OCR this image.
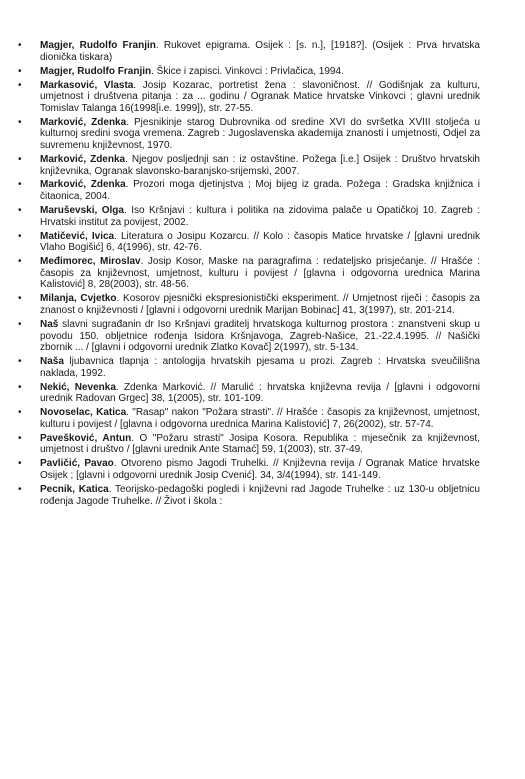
• Magjer, Rudolfo Franjin. Rukovet epigrama. Osijek : [s. n.], [1918?]. (Osijek : Prva hrvatska dionička tiskara)
• Magjer, Rudolfo Franjin. Škice i zapisci. Vinkovci : Privlačica, 1994.
• Markasović, Vlasta. Josip Kozarac, portretist žena : slavoničnost. // Godišnjak za kulturu, umjetnost i društvena pitanja : za ... godinu / Ogranak Matice hrvatske Vinkovci ; glavni urednik Tomislav Talanga 16(1998[i.e. 1999]), str. 27-55.
• Marković, Zdenka. Pjesnikinje starog Dubrovnika od sredine XVI do svršetka XVIII stoljeća u kulturnoj sredini svoga vremena. Zagreb : Jugoslavenska akademija znanosti i umjetnosti, Odjel za suvremenu književnost, 1970.
• Marković, Zdenka. Njegov posljednji san : iz ostavštine. Požega [i.e.] Osijek : Društvo hrvatskih književnika, Ogranak slavonsko-baranjsko-srijemski, 2007.
• Marković, Zdenka. Prozori moga djetinjstva ; Moj bijeg iz grada. Požega : Gradska knjižnica i čitaonica, 2004.
• Maruševski, Olga. Iso Kršnjavi : kultura i politika na zidovima palače u Opatičkoj 10. Zagreb : Hrvatski institut za povijest, 2002.
• Matičević, Ivica. Literatura o Josipu Kozarcu. // Kolo : časopis Matice hrvatske / [glavni urednik Vlaho Bogišić] 6, 4(1996), str. 42-76.
• Međimorec, Miroslav. Josip Kosor, Maske na paragrafima : redateljsko prisjećanje. // Hrašće : časopis za književnost, umjetnost, kulturu i povijest / [glavna i odgovorna urednica Marina Kalistović] 8, 28(2003), str. 48-56.
• Milanja, Cvjetko. Kosorov pjesnički ekspresionistički eksperiment. // Umjetnost riječi : časopis za znanost o književnosti / [glavni i odgovorni urednik Marijan Bobinac] 41, 3(1997), str. 201-214.
• Naš slavni sugrađanin dr Iso Kršnjavi graditelj hrvatskoga kulturnog prostora : znanstveni skup u povodu 150. obljetnice rođenja Isidora Kršnjavoga, Zagreb-Našice, 21.-22.4.1995. // Našički zbornik ... / [glavni i odgovorni urednik Zlatko Kovač] 2(1997), str. 5-134.
• Naša ljubavnica tlapnja : antologija hrvatskih pjesama u prozi. Zagreb : Hrvatska sveučilišna naklada, 1992.
• Nekić, Nevenka. Zdenka Marković. // Marulić : hrvatska književna revija / [glavni i odgovorni urednik Radovan Grgec] 38, 1(2005), str. 101-109.
• Novoselac, Katica. "Rasap" nakon "Požara strasti". // Hrašće : časopis za književnost, umjetnost, kulturu i povijest / [glavna i odgovorna urednica Marina Kalistović] 7, 26(2002), str. 57-74.
• Pavešković, Antun. O "Požaru strasti" Josipa Kosora. Republika : mjesečnik za književnost, umjetnost i društvo / [glavni urednik Ante Stamać] 59, 1(2003), str. 37-49.
• Pavličić, Pavao. Otvoreno pismo Jagodi Truhelki. // Književna revija / Ogranak Matice hrvatske Osijek ; [glavni i odgovorni urednik Josip Cvenić]. 34, 3/4(1994), str. 141-149.
• Pecnik, Katica. Teorijsko-pedagoški pogledi i književni rad Jagode Truhelke : uz 130-u obljetnicu rođenja Jagode Truhelke. // Život i škola :
